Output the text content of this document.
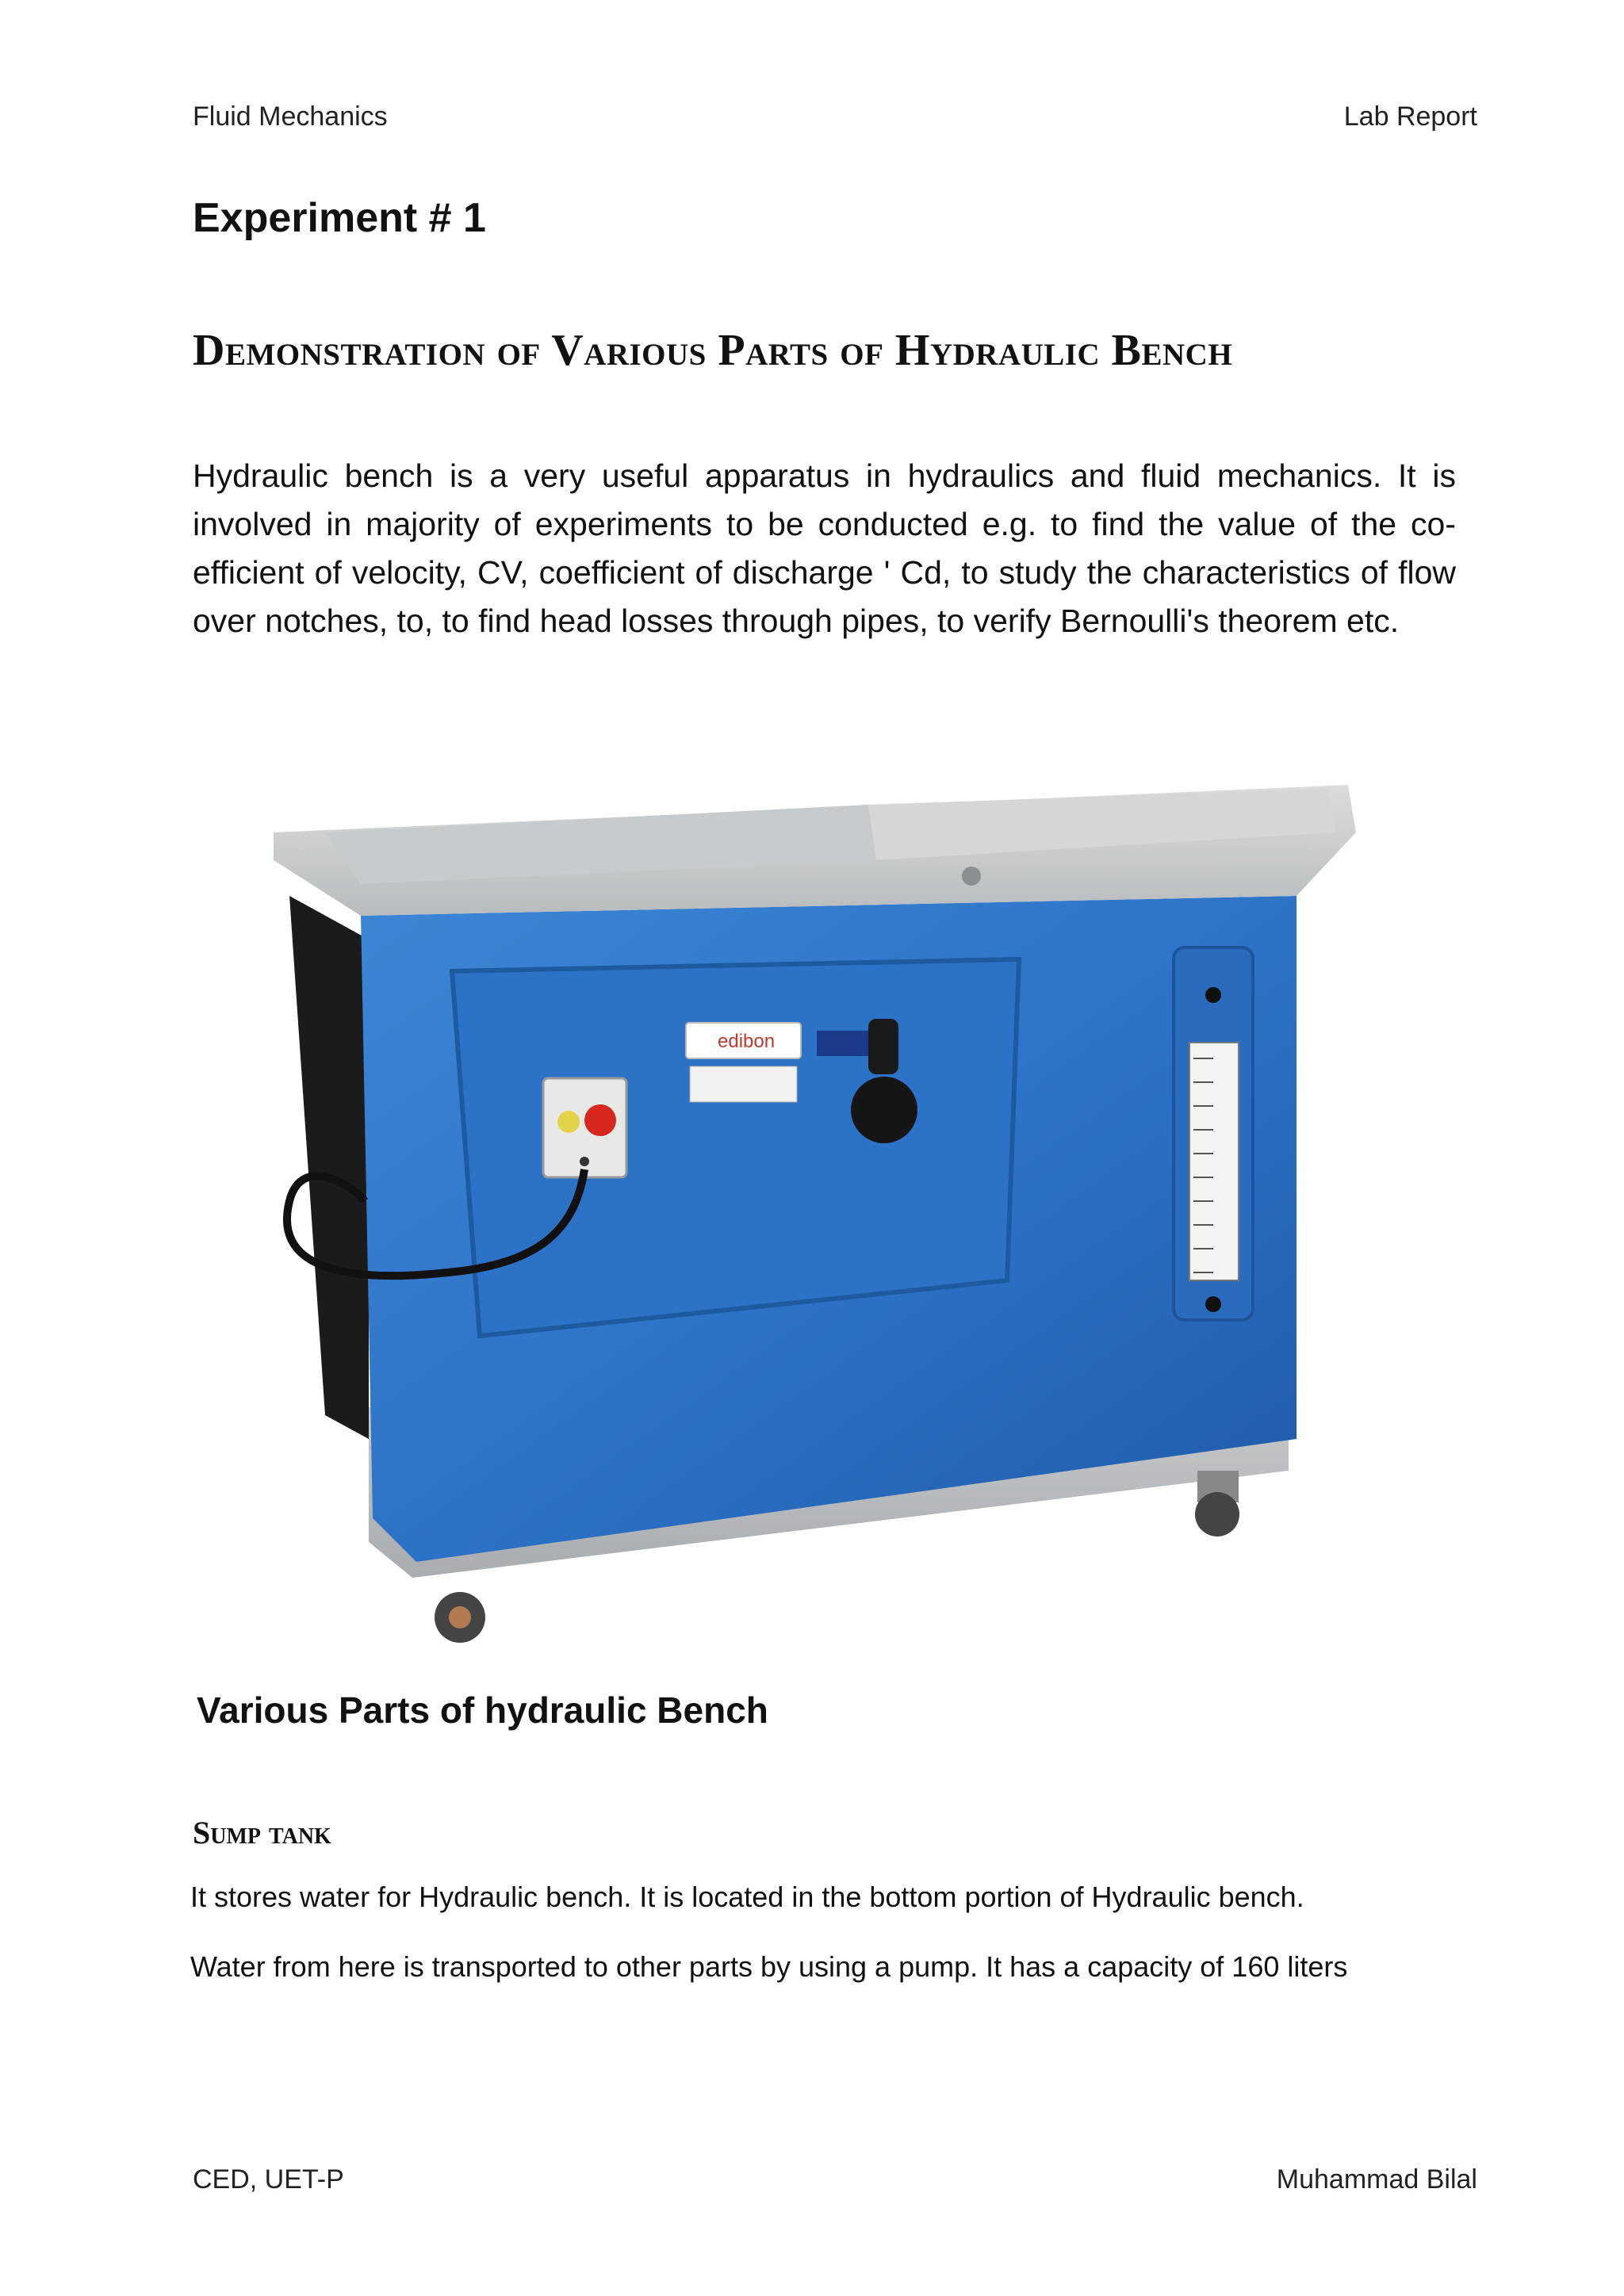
Fluid Mechanics	Lab Report
Experiment # 1
Demonstration of Various Parts of Hydraulic Bench
Hydraulic bench is a very useful apparatus in hydraulics and fluid mechanics. It is involved in majority of experiments to be conducted e.g. to find the value of the co-efficient of velocity, CV, coefficient of discharge ' Cd, to study the characteristics of flow over notches, to, to find head losses through pipes, to verify Bernoulli's theorem etc.
edibon
Various Parts of hydraulic Bench
Sump tank
It stores water for Hydraulic bench. It is located in the bottom portion of Hydraulic bench.
Water from here is transported to other parts by using a pump. It has a capacity of 160 liters
CED, UET-P	Muhammad Bilal
